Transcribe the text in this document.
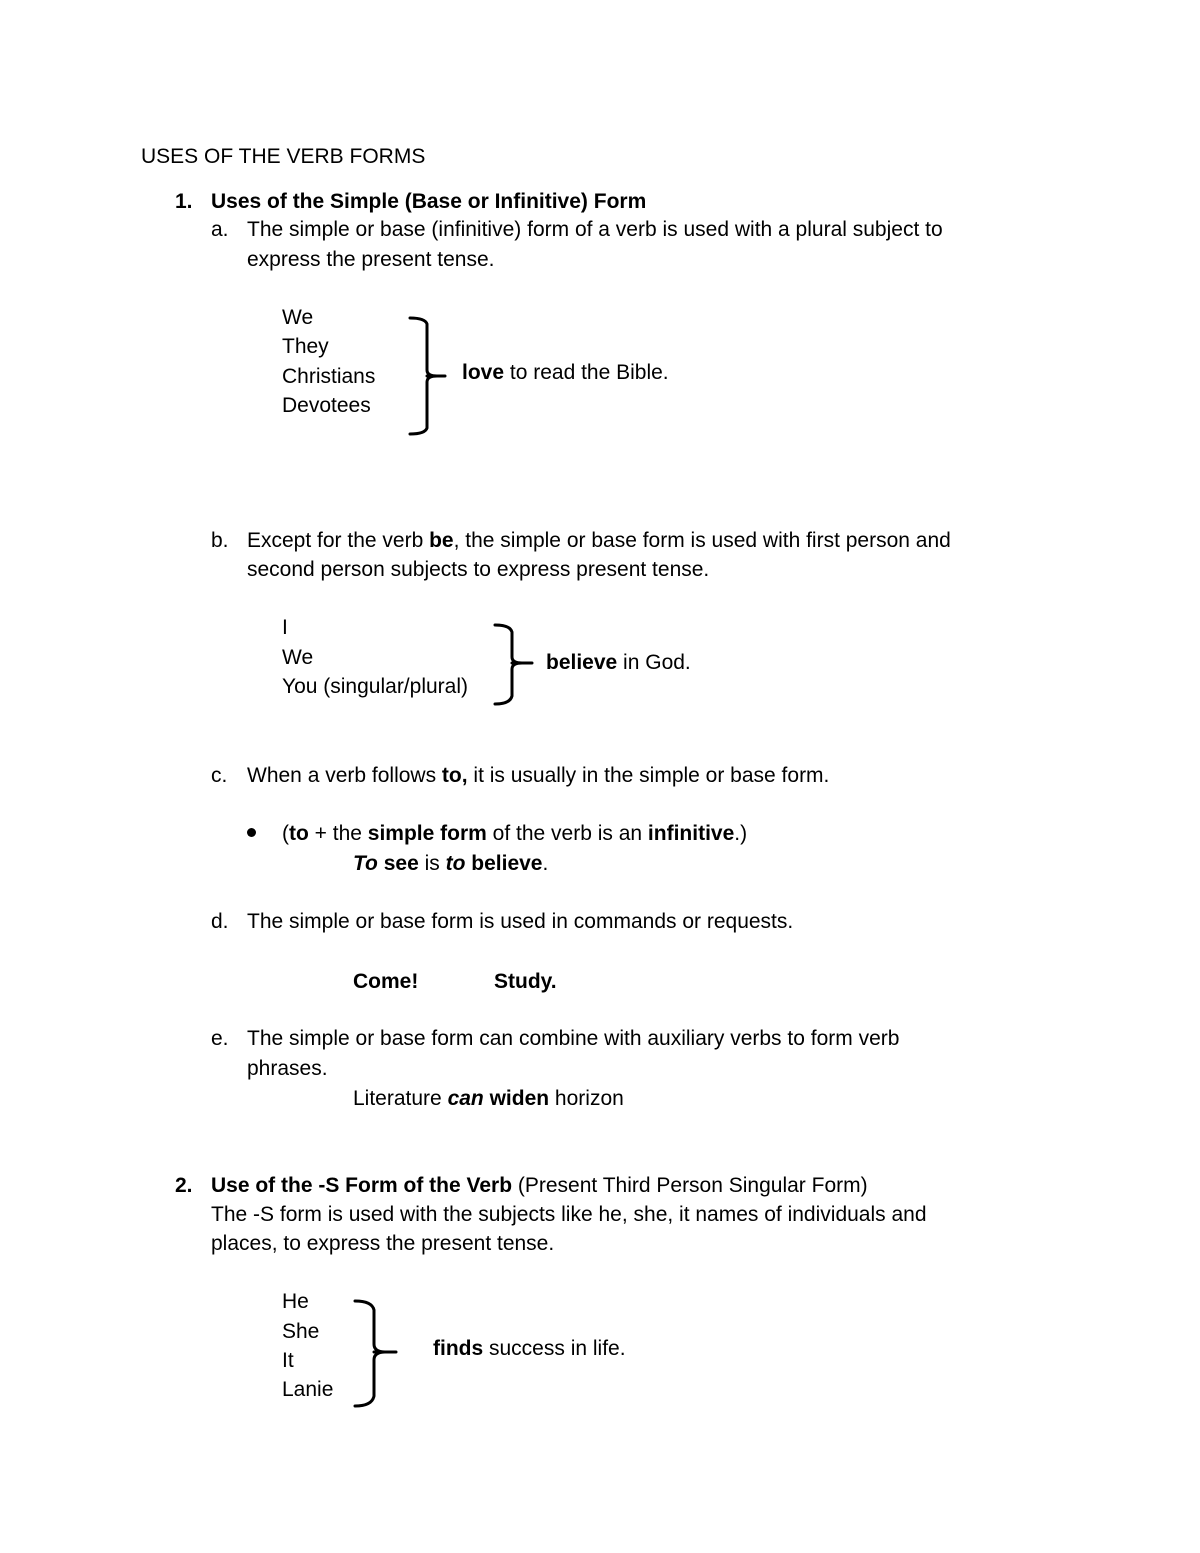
USES OF THE VERB FORMS
1. Uses of the Simple (Base or Infinitive) Form
a. The simple or base (infinitive) form of a verb is used with a plural subject to
express the present tense.
We
They
Christians
Devotees
love to read the Bible.
b. Except for the verb be, the simple or base form is used with first person and
second person subjects to express present tense.
I
We
You (singular/plural)
believe in God.
c. When a verb follows to, it is usually in the simple or base form.
(to + the simple form of the verb is an infinitive.)
To see is to believe.
d. The simple or base form is used in commands or requests.
Come!	Study.
e. The simple or base form can combine with auxiliary verbs to form verb
phrases.
Literature can widen horizon
2. Use of the -S Form of the Verb (Present Third Person Singular Form)
The -S form is used with the subjects like he, she, it names of individuals and
places, to express the present tense.
He
She
It
Lanie
finds success in life.
